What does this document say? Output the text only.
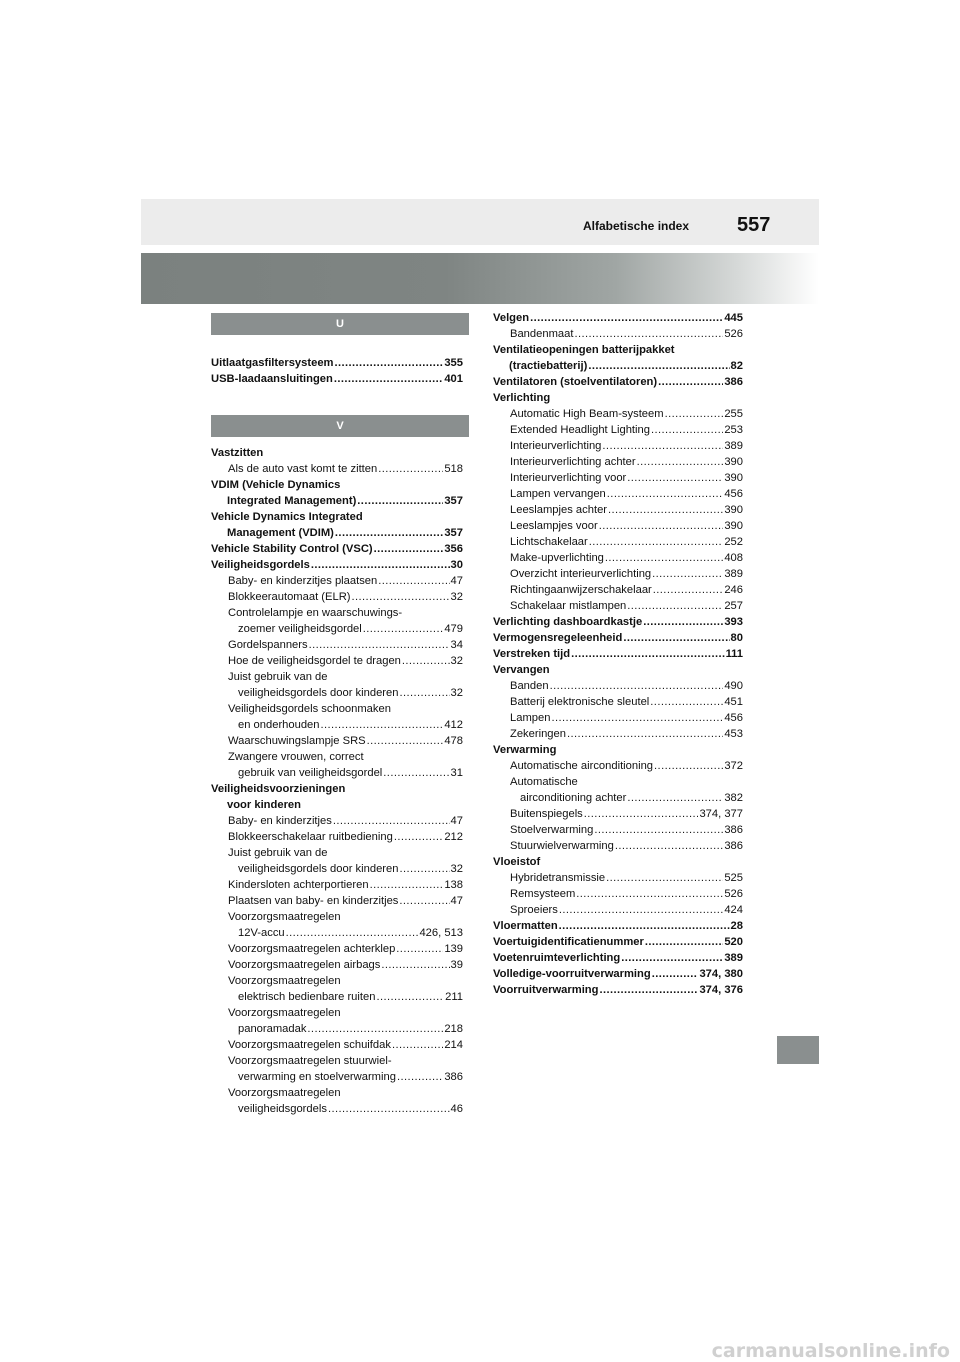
Alfabetische index 557
U
Uitlaatgasfiltersysteem .....	355
USB-laadaansluitingen .....	401
V
Vastzitten
Als de auto vast komt te zitten .....	518
VDIM (Vehicle Dynamics
Integrated Management) .....	357
Vehicle Dynamics Integrated
Management (VDIM) .....	357
Vehicle Stability Control (VSC) .....	356
Veiligheidsgordels .....	30
Baby- en kinderzitjes plaatsen .....	47
Blokkeerautomaat (ELR) .....	32
Controlelampje en waarschuwings-
zoemer veiligheidsgordel .....	479
Gordelspanners .....	34
Hoe de veiligheidsgordel te dragen .....	32
Juist gebruik van de
veiligheidsgordels door kinderen .....	32
Veiligheidsgordels schoonmaken
en onderhouden .....	412
Waarschuwingslampje SRS .....	478
Zwangere vrouwen, correct
gebruik van veiligheidsgordel .....	31
Veiligheidsvoorzieningen
voor kinderen
Baby- en kinderzitjes .....	47
Blokkeerschakelaar ruitbediening .....	212
Juist gebruik van de
veiligheidsgordels door kinderen .....	32
Kindersloten achterportieren .....	138
Plaatsen van baby- en kinderzitjes .....	47
Voorzorgsmaatregelen
12V-accu .....	426, 513
Voorzorgsmaatregelen achterklep .....	139
Voorzorgsmaatregelen airbags .....	39
Voorzorgsmaatregelen
elektrisch bedienbare ruiten .....	211
Voorzorgsmaatregelen
panoramadak .....	218
Voorzorgsmaatregelen schuifdak .....	214
Voorzorgsmaatregelen stuurwiel-
verwarming en stoelverwarming .....	386
Voorzorgsmaatregelen
veiligheidsgordels .....	46
Velgen .....	445
Bandenmaat .....	526
Ventilatieopeningen batterijpakket
(tractiebatterij) .....	82
Ventilatoren (stoelventilatoren) .....	386
Verlichting
Automatic High Beam-systeem .....	255
Extended Headlight Lighting .....	253
Interieurverlichting .....	389
Interieurverlichting achter .....	390
Interieurverlichting voor .....	390
Lampen vervangen .....	456
Leeslampjes achter .....	390
Leeslampjes voor .....	390
Lichtschakelaar .....	252
Make-upverlichting .....	408
Overzicht interieurverlichting .....	389
Richtingaanwijzerschakelaar .....	246
Schakelaar mistlampen .....	257
Verlichting dashboardkastje .....	393
Vermogensregeleenheid .....	80
Verstreken tijd .....	111
Vervangen
Banden .....	490
Batterij elektronische sleutel .....	451
Lampen .....	456
Zekeringen .....	453
Verwarming
Automatische airconditioning .....	372
Automatische
airconditioning achter .....	382
Buitenspiegels .....	374, 377
Stoelverwarming .....	386
Stuurwielverwarming .....	386
Vloeistof
Hybridetransmissie .....	525
Remsysteem .....	526
Sproeiers .....	424
Vloermatten .....	28
Voertuigidentificatienummer .....	520
Voetenruimteverlichting .....	389
Volledige-voorruitverwarming .....	374, 380
Voorruitverwarming .....	374, 376
carmanualsonline.info
